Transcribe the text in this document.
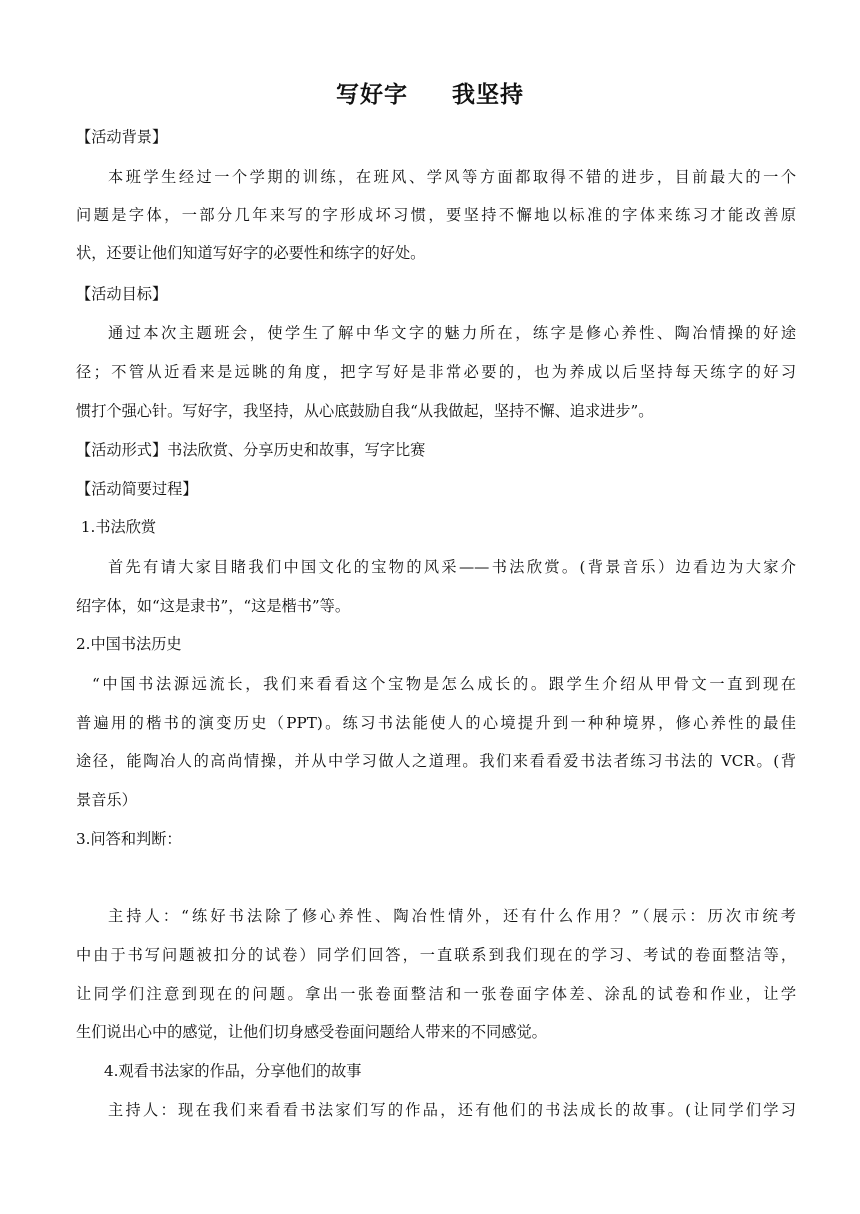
写好字 我坚持
【活动背景】
本班学生经过一个学期的训练，在班风、学风等方面都取得不错的进步，目前最大的一个
问题是字体，一部分几年来写的字形成坏习惯，要坚持不懈地以标准的字体来练习才能改善原
状，还要让他们知道写好字的必要性和练字的好处。
【活动目标】
通过本次主题班会，使学生了解中华文字的魅力所在，练字是修心养性、陶冶情操的好途
径；不管从近看来是远眺的角度，把字写好是非常必要的，也为养成以后坚持每天练字的好习
惯打个强心针。写好字，我坚持，从心底鼓励自我“从我做起，坚持不懈、追求进步”。
【活动形式】书法欣赏、分享历史和故事，写字比赛
【活动简要过程】
1.书法欣赏
首先有请大家目睹我们中国文化的宝物的风采——书法欣赏。(背景音乐）边看边为大家介
绍字体，如“这是隶书”，“这是楷书”等。
2.中国书法历史
“中国书法源远流长，我们来看看这个宝物是怎么成长的。跟学生介绍从甲骨文一直到现在
普遍用的楷书的演变历史（PPT)。练习书法能使人的心境提升到一种种境界，修心养性的最佳
途径，能陶冶人的高尚情操，并从中学习做人之道理。我们来看看爱书法者练习书法的 VCR。(背
景音乐）
3.问答和判断：
主持人：“练好书法除了修心养性、陶冶性情外，还有什么作用？”（展示：历次市统考
中由于书写问题被扣分的试卷）同学们回答，一直联系到我们现在的学习、考试的卷面整洁等，
让同学们注意到现在的问题。拿出一张卷面整洁和一张卷面字体差、涂乱的试卷和作业，让学
生们说出心中的感觉，让他们切身感受卷面问题给人带来的不同感觉。
4.观看书法家的作品，分享他们的故事
主持人：现在我们来看看书法家们写的作品，还有他们的书法成长的故事。(让同学们学习
